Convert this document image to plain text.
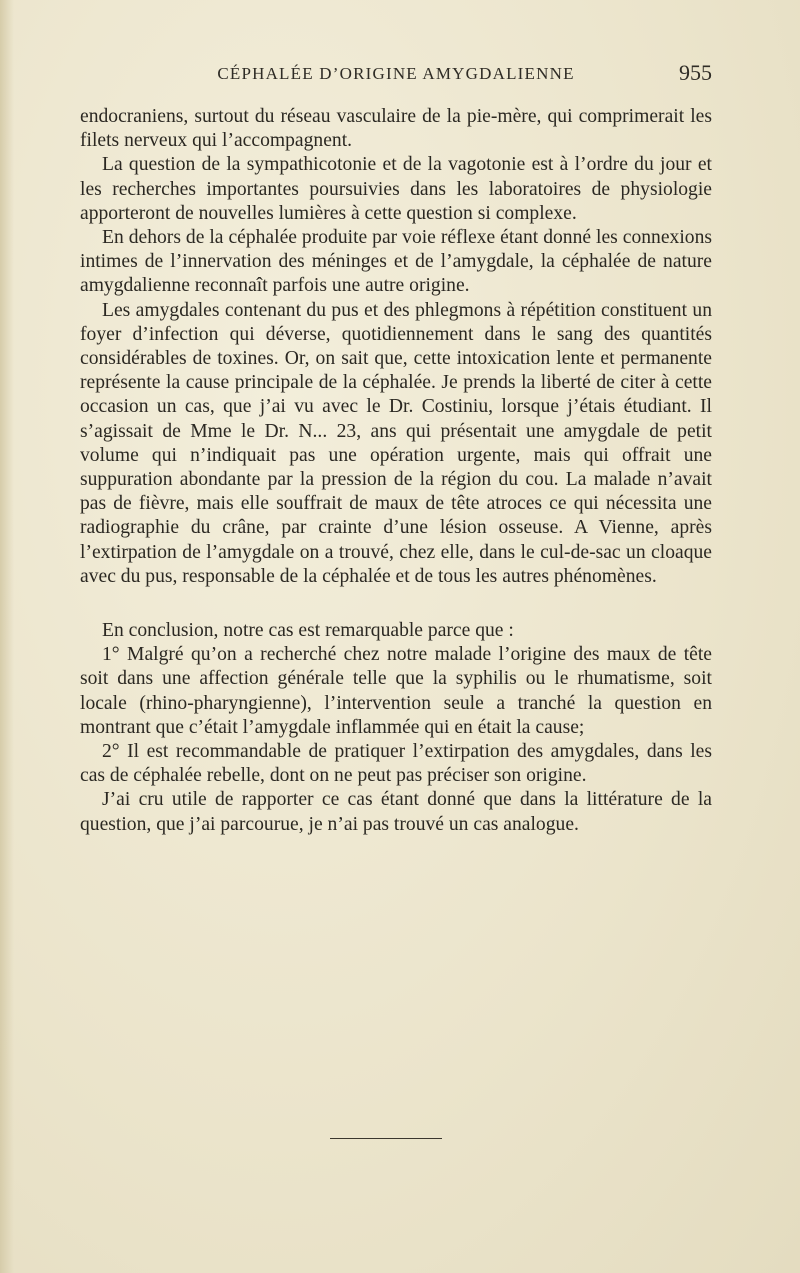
CÉPHALÉE D’ORIGINE AMYGDALIENNE	955

endocraniens, surtout du réseau vasculaire de la pie-mère, qui comprimerait les filets nerveux qui l’accompagnent.

La question de la sympathicotonie et de la vagotonie est à l’ordre du jour et les recherches importantes poursuivies dans les laboratoires de physiologie apporteront de nouvelles lumières à cette question si complexe.

En dehors de la céphalée produite par voie réflexe étant donné les connexions intimes de l’innervation des méninges et de l’amygdale, la céphalée de nature amygdalienne reconnaît parfois une autre origine.

Les amygdales contenant du pus et des phlegmons à répétition constituent un foyer d’infection qui déverse, quotidiennement dans le sang des quantités considérables de toxines. Or, on sait que, cette intoxication lente et permanente représente la cause principale de la céphalée. Je prends la liberté de citer à cette occasion un cas, que j’ai vu avec le Dr. Costiniu, lorsque j’étais étudiant. Il s’agissait de Mme le Dr. N... 23, ans qui présentait une amygdale de petit volume qui n’indiquait pas une opération urgente, mais qui offrait une suppuration abondante par la pression de la région du cou. La malade n’avait pas de fièvre, mais elle souffrait de maux de tête atroces ce qui nécessita une radiographie du crâne, par crainte d’une lésion osseuse. A Vienne, après l’extirpation de l’amygdale on a trouvé, chez elle, dans le cul-de-sac un cloaque avec du pus, responsable de la céphalée et de tous les autres phénomènes.

En conclusion, notre cas est remarquable parce que :

1° Malgré qu’on a recherché chez notre malade l’origine des maux de tête soit dans une affection générale telle que la syphilis ou le rhumatisme, soit locale (rhino-pharyngienne), l’intervention seule a tranché la question en montrant que c’était l’amygdale inflammée qui en était la cause;

2° Il est recommandable de pratiquer l’extirpation des amygdales, dans les cas de céphalée rebelle, dont on ne peut pas préciser son origine.

J’ai cru utile de rapporter ce cas étant donné que dans la littérature de la question, que j’ai parcourue, je n’ai pas trouvé un cas analogue.
